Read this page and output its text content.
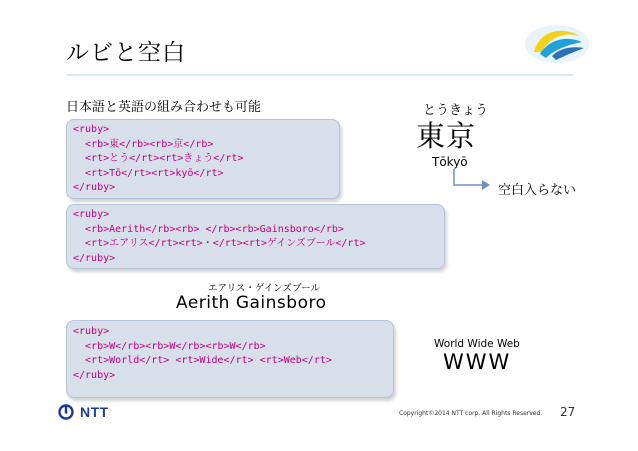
ルビと空白
日本語と英語の組み合わせも可能
<ruby>
<rb>東</rb><rb>京</rb>
<rt>とう</rt><rt>きょう</rt>
<rt>Tō</rt><rt>kyō</rt>
</ruby>
<ruby>
<rb>Aerith</rb><rb> </rb><rb>Gainsboro</rb>
<rt>エアリス</rt><rt>・</rt><rt>ゲインズブール</rt>
</ruby>
<ruby>
<rb>W</rb><rb>W</rb><rb>W</rb>
<rt>World</rt> <rt>Wide</rt> <rt>Web</rt>
</ruby>
とうきょう
東京
Tōkyō
空白入らない
エアリス・ゲインズブール
Aerith Gainsboro
World Wide Web
WWW
NTT	Copyright©2014 NTT corp. All Rights Reserved. 27
